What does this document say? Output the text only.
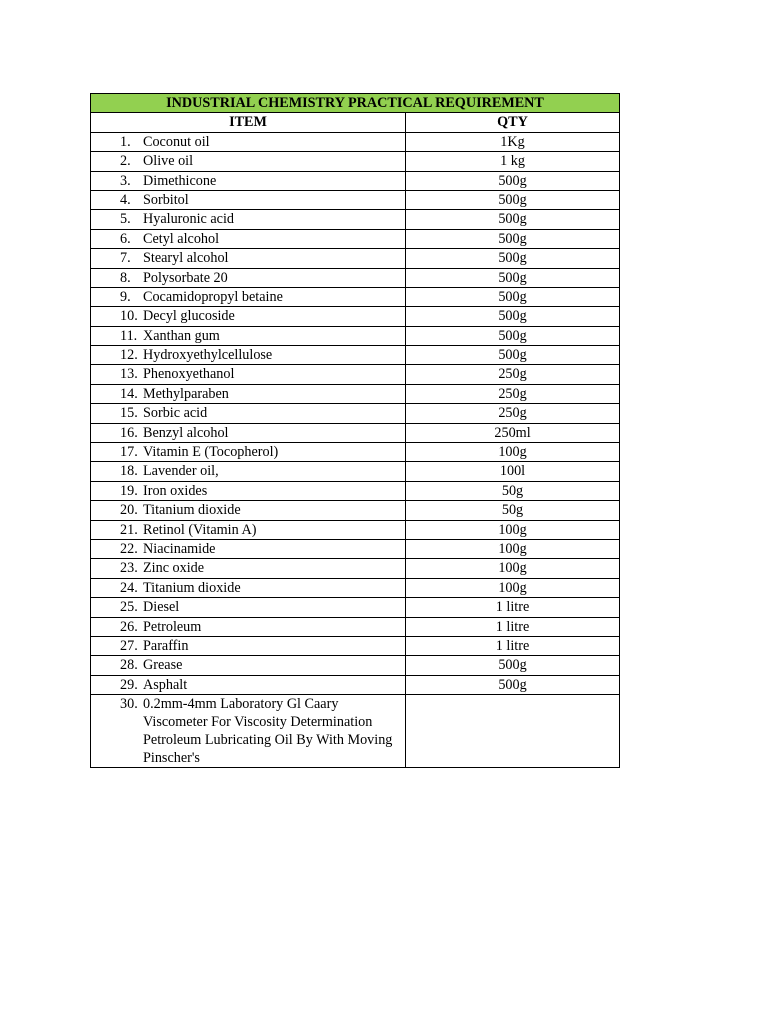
INDUSTRIAL CHEMISTRY PRACTICAL REQUIREMENT	
ITEM	QTY

1. Coconut oil	1Kg

2. Olive oil	1 kg

3. Dimethicone	500g

4. Sorbitol	500g

5. Hyaluronic acid	500g

6. Cetyl alcohol	500g

7. Stearyl alcohol	500g

8. Polysorbate 20	500g

9. Cocamidopropyl betaine	500g

10. Decyl glucoside	500g

11. Xanthan gum	500g

12. Hydroxyethylcellulose	500g

13. Phenoxyethanol	250g

14. Methylparaben	250g

15. Sorbic acid	250g

16. Benzyl alcohol	250ml

17. Vitamin E (Tocopherol)	100g

18. Lavender oil,	100l

19. Iron oxides	50g

20. Titanium dioxide	50g

21. Retinol (Vitamin A)	100g

22. Niacinamide	100g

23. Zinc oxide	100g

24. Titanium dioxide	100g

25. Diesel	1 litre

26. Petroleum	1 litre

27. Paraffin	1 litre

28. Grease	500g

29. Asphalt	500g

30. 0.2mm-4mm Laboratory Gl Caary Viscometer For Viscosity Determination Petroleum Lubricating Oil By With Moving Pinscher's	
